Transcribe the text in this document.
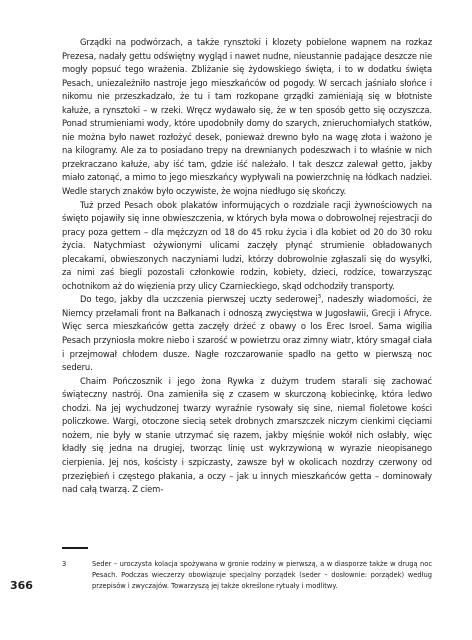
Grządki na podwórzach, a także rynsztoki i klozety pobielone wapnem na rozkaz Prezesa, nadały gettu odświętny wygląd i nawet nudne, nieustannie padające deszcze nie mogły popsuć tego wrażenia. Zbliżanie się żydowskiego święta, i to w dodatku święta Pesach, uniezależniło nastroje jego mieszkańców od pogody. W sercach jaśniało słońce i nikomu nie przeszkadzało, że tu i tam rozkopane grządki zamieniają się w błotniste kałuże, a rynsztoki – w rzeki. Wręcz wydawało się, że w ten sposób getto się oczyszcza. Ponad strumieniami wody, które upodobniły domy do szarych, znieruchomiałych statków, nie można było nawet rozłożyć desek, ponieważ drewno było na wagę złota i ważono je na kilogramy. Ale za to posiadano trepy na drewnianych podeszwach i to właśnie w nich przekraczano kałuże, aby iść tam, gdzie iść należało. I tak deszcz zalewał getto, jakby miało zatonąć, a mimo to jego mieszkańcy wypływali na powierzchnię na łódkach nadziei. Wedle starych znaków było oczywiste, że wojna niedługo się skończy.

Tuż przed Pesach obok plakatów informujących o rozdziale racji żywnościowych na święto pojawiły się inne obwieszczenia, w których była mowa o dobrowolnej rejestracji do pracy poza gettem – dla mężczyzn od 18 do 45 roku życia i dla kobiet od 20 do 30 roku życia. Natychmiast ożywionymi ulicami zaczęły płynąć strumienie obładowanych plecakami, obwieszonych naczyniami ludzi, którzy dobrowolnie zgłaszali się do wysyłki, za nimi zaś biegli pozostali członkowie rodzin, kobiety, dzieci, rodzice, towarzysząc ochotnikom aż do więzienia przy ulicy Czarnieckiego, skąd odchodziły transporty.

Do tego, jakby dla uczczenia pierwszej uczty sederowej$^3$, nadeszły wiadomości, że Niemcy przełamali front na Bałkanach i odnoszą zwycięstwa w Jugosławii, Grecji i Afryce. Więc serca mieszkańców getta zaczęły drżeć z obawy o los Erec Isroel. Sama wigilia Pesach przyniosła mokre niebo i szarość w powietrzu oraz zimny wiatr, który smagał ciała i przejmował chłodem dusze. Nagłe rozczarowanie spadło na getto w pierwszą noc sederu.

Chaim Pończosznik i jego żona Rywka z dużym trudem starali się zachować świąteczny nastrój. Ona zamieniła się z czasem w skurczoną kobiecinkę, która ledwo chodzi. Na jej wychudzonej twarzy wyraźnie rysowały się sine, niemal fioletowe kości policzkowe. Wargi, otoczone siecią setek drobnych zmarszczek niczym cienkimi cięciami nożem, nie były w stanie utrzymać się razem, jakby mięśnie wokół nich osłabły, więc kładły się jedna na drugiej, tworząc linię ust wykrzywioną w wyrazie nieopisanego cierpienia. Jej nos, kościsty i szpiczasty, zawsze był w okolicach nozdrzy czerwony od przeziębień i częstego płakania, a oczy – jak u innych mieszkańców getta – dominowały nad całą twarzą. Z ciem-

3	Seder – uroczysta kolacja spożywana w gronie rodziny w pierwszą, a w diasporze także w drugą noc Pesach. Podczas wieczerzy obowiązuje specjalny porządek (seder – dosłownie: porządek) według przepisów i zwyczajów. Towarzyszą jej także określone rytuały i modlitwy.
366
